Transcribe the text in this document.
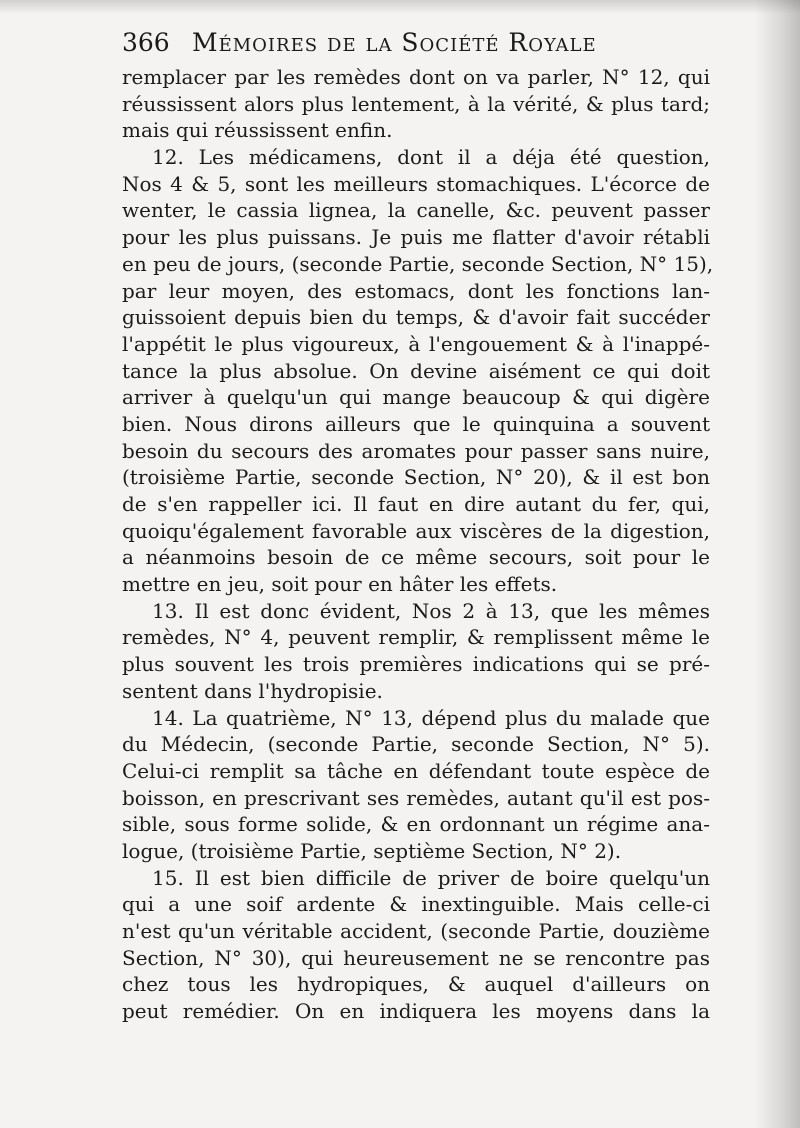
366 Mémoires de la Société Royale
remplacer par les remèdes dont on va parler, N° 12, qui
réussissent alors plus lentement, à la vérité, & plus tard;
mais qui réussissent enfin.
12. Les médicamens, dont il a déja été question,
Nos 4 & 5, sont les meilleurs stomachiques. L'écorce de
wenter, le cassia lignea, la canelle, &c. peuvent passer
pour les plus puissans. Je puis me flatter d'avoir rétabli
en peu de jours, (seconde Partie, seconde Section, N° 15),
par leur moyen, des estomacs, dont les fonctions lan-
guissoient depuis bien du temps, & d'avoir fait succéder
l'appétit le plus vigoureux, à l'engouement & à l'inappé-
tance la plus absolue. On devine aisément ce qui doit
arriver à quelqu'un qui mange beaucoup & qui digère
bien. Nous dirons ailleurs que le quinquina a souvent
besoin du secours des aromates pour passer sans nuire,
(troisième Partie, seconde Section, N° 20), & il est bon
de s'en rappeller ici. Il faut en dire autant du fer, qui,
quoiqu'également favorable aux viscères de la digestion,
a néanmoins besoin de ce même secours, soit pour le
mettre en jeu, soit pour en hâter les effets.
13. Il est donc évident, Nos 2 à 13, que les mêmes
remèdes, N° 4, peuvent remplir, & remplissent même le
plus souvent les trois premières indications qui se pré-
sentent dans l'hydropisie.
14. La quatrième, N° 13, dépend plus du malade que
du Médecin, (seconde Partie, seconde Section, N° 5).
Celui-ci remplit sa tâche en défendant toute espèce de
boisson, en prescrivant ses remèdes, autant qu'il est pos-
sible, sous forme solide, & en ordonnant un régime ana-
logue, (troisième Partie, septième Section, N° 2).
15. Il est bien difficile de priver de boire quelqu'un
qui a une soif ardente & inextinguible. Mais celle-ci
n'est qu'un véritable accident, (seconde Partie, douzième
Section, N° 30), qui heureusement ne se rencontre pas
chez tous les hydropiques, & auquel d'ailleurs on
peut remédier. On en indiquera les moyens dans la
